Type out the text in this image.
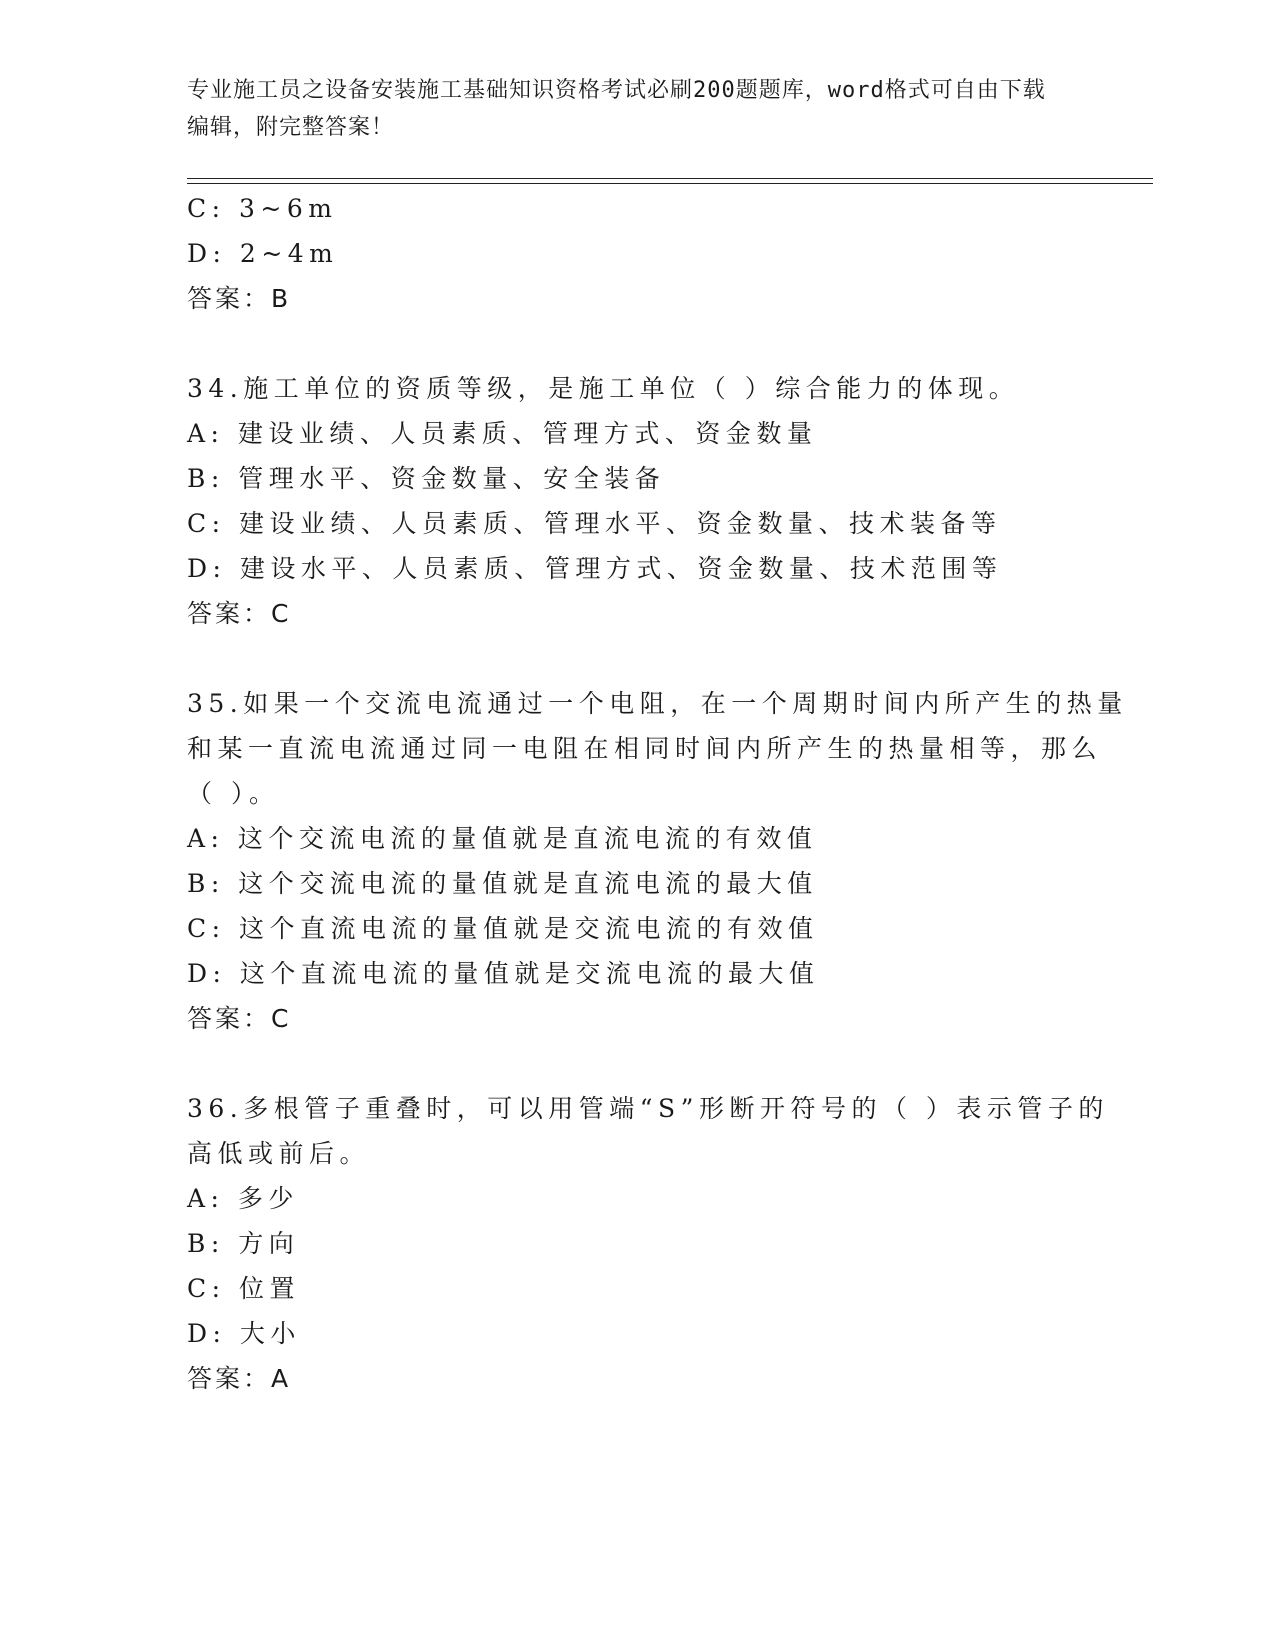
专业施工员之设备安装施工基础知识资格考试必刷200题题库，word格式可自由下载编辑，附完整答案！
C: 3~6m
D: 2~4m
答案：B
34.施工单位的资质等级，是施工单位（ ）综合能力的体现。
A: 建设业绩、人员素质、管理方式、资金数量
B: 管理水平、资金数量、安全装备
C: 建设业绩、人员素质、管理水平、资金数量、技术装备等
D: 建设水平、人员素质、管理方式、资金数量、技术范围等
答案：C
35.如果一个交流电流通过一个电阻，在一个周期时间内所产生的热量
和某一直流电流通过同一电阻在相同时间内所产生的热量相等，那么
（ ）。
A: 这个交流电流的量值就是直流电流的有效值
B: 这个交流电流的量值就是直流电流的最大值
C: 这个直流电流的量值就是交流电流的有效值
D: 这个直流电流的量值就是交流电流的最大值
答案：C
36.多根管子重叠时，可以用管端“S”形断开符号的（ ）表示管子的
高低或前后。
A: 多少
B: 方向
C: 位置
D: 大小
答案：A
